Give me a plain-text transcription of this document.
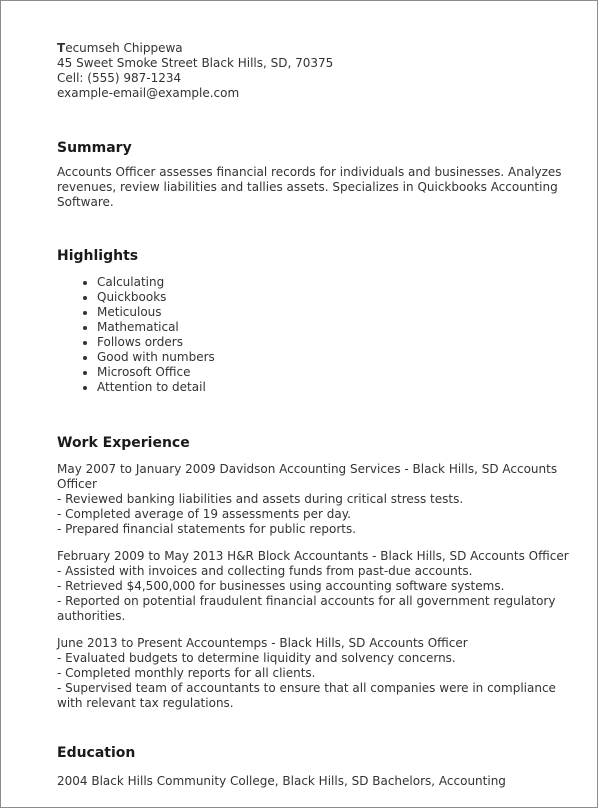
Tecumseh Chippewa
45 Sweet Smoke Street Black Hills, SD, 70375
Cell: (555) 987-1234
example-email@example.com
Summary
Accounts Officer assesses financial records for individuals and businesses. Analyzes revenues, review liabilities and tallies assets. Specializes in Quickbooks Accounting Software.
Highlights
• Calculating
• Quickbooks
• Meticulous
• Mathematical
• Follows orders
• Good with numbers
• Microsoft Office
• Attention to detail
Work Experience
May 2007 to January 2009 Davidson Accounting Services - Black Hills, SD Accounts Officer
- Reviewed banking liabilities and assets during critical stress tests.
- Completed average of 19 assessments per day.
- Prepared financial statements for public reports.
February 2009 to May 2013 H&R Block Accountants - Black Hills, SD Accounts Officer
- Assisted with invoices and collecting funds from past-due accounts.
- Retrieved $4,500,000 for businesses using accounting software systems.
- Reported on potential fraudulent financial accounts for all government regulatory authorities.
June 2013 to Present Accountemps - Black Hills, SD Accounts Officer
- Evaluated budgets to determine liquidity and solvency concerns.
- Completed monthly reports for all clients.
- Supervised team of accountants to ensure that all companies were in compliance with relevant tax regulations.
Education
2004 Black Hills Community College, Black Hills, SD Bachelors, Accounting
